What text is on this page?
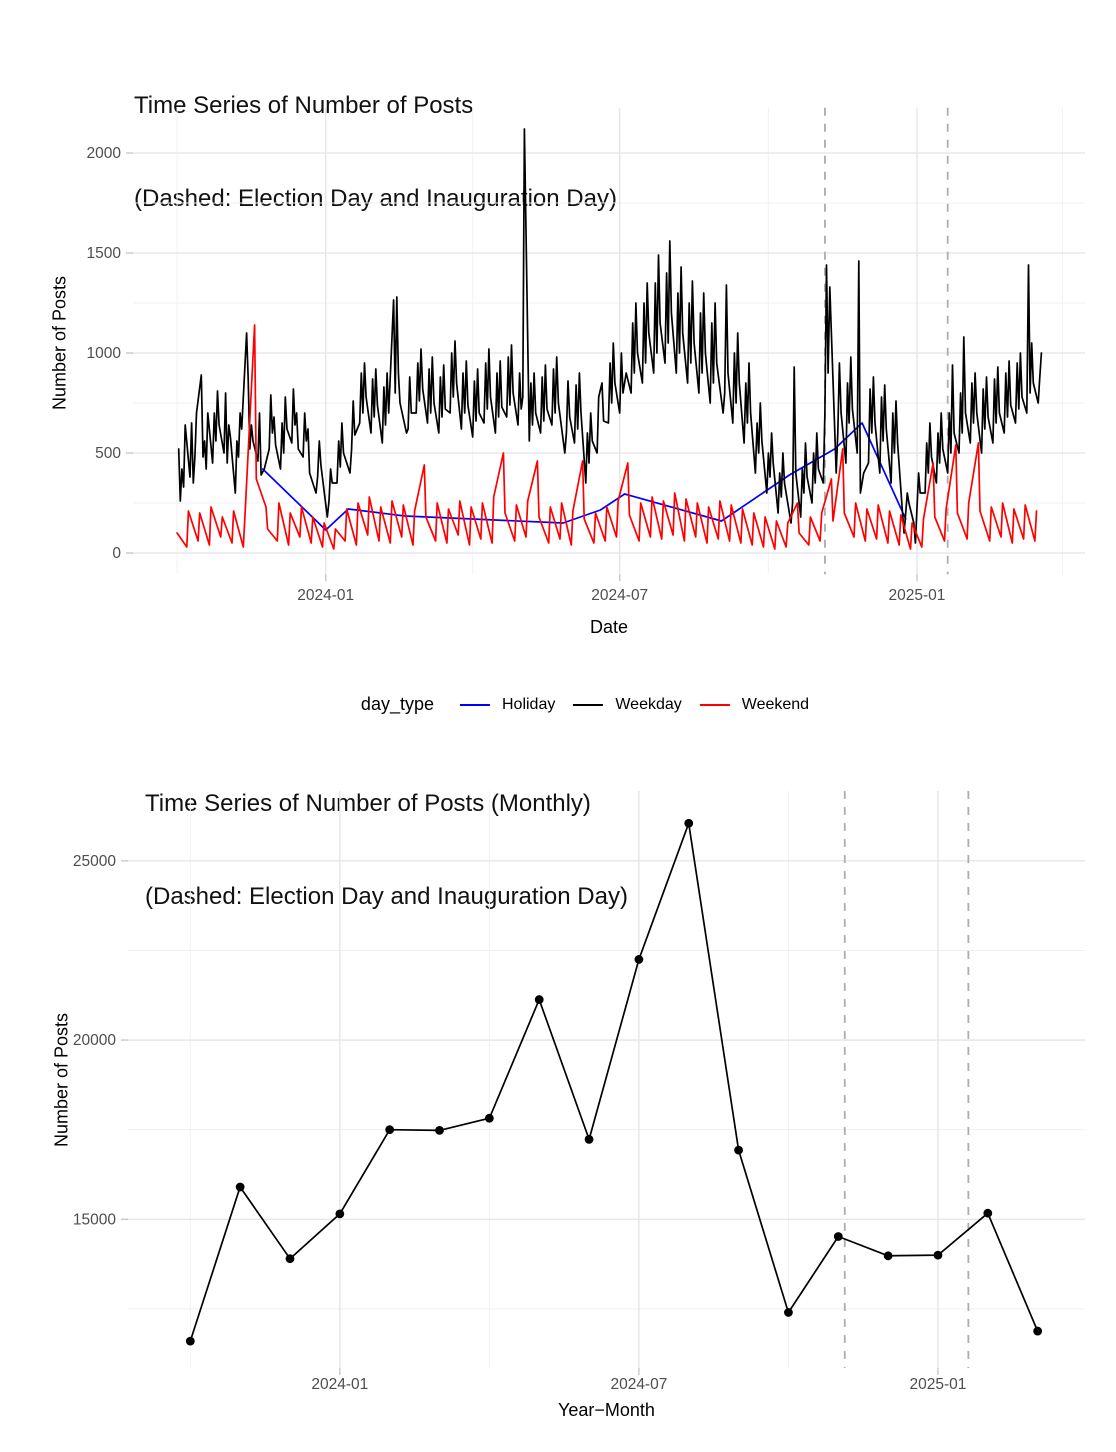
Time Series of Number of Posts

(Dashed: Election Day and Inauguration Day)

Number of Posts
2024-01	2024-07	2025-01
0
500
1000
1500
2000
Date
day_type	Holiday	Weekday	Weekend

Time Series of Number of Posts (Monthly)

(Dashed: Election Day and Inauguration Day)

Number of Posts
2024-01	2024-07	2025-01
15000
20000
25000
Year−Month
